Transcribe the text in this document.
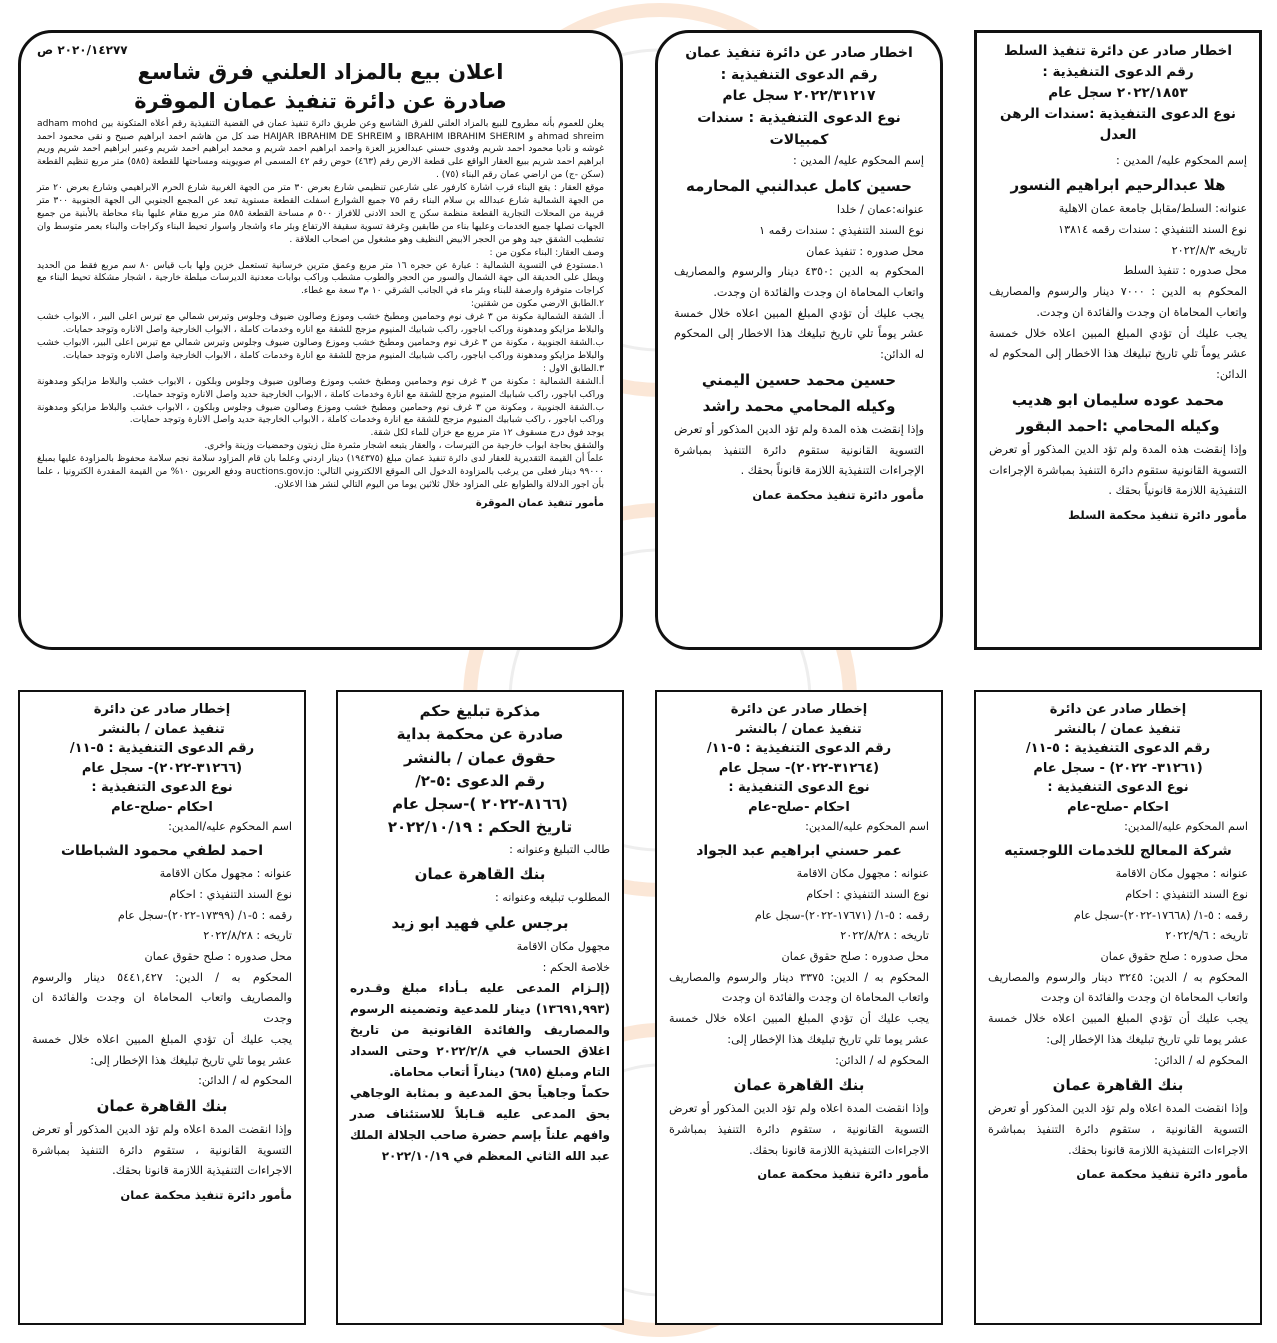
اخطار صادر عن دائرة تنفيذ السلط
رقم الدعوى التنفيذية :
٢٠٢٢/١٨٥٣ سجل عام
نوع الدعوى التنفيذية :سندات الرهن العدل

إسم المحكوم عليه/ المدين :

هلا عبدالرحيم ابراهيم النسور

عنوانه: السلط/مقابل جامعة عمان الاهلية

نوع السند التنفيذي : سندات رقمه ١٣٨١٤

تاريخه ٢٠٢٢/٨/٣

محل صدوره : تنفيذ السلط

المحكوم به الدين : ٧٠٠٠ دينار والرسوم والمصاريف واتعاب المحاماة ان وجدت والفائدة ان وجدت.

يجب عليك أن تؤدي المبلغ المبين اعلاه خلال خمسة عشر يوماً تلي تاريخ تبليغك هذا الاخطار إلى المحكوم له الدائن:

محمد عوده سليمان ابو هديب

وكيله المحامي :احمد البقور

وإذا إنقضت هذه المدة ولم تؤد الدين المذكور أو تعرض التسوية القانونية ستقوم دائرة التنفيذ بمباشرة الإجراءات التنفيذية اللازمة قانونياً بحقك .

مأمور دائرة تنفيذ محكمة السلط

اخطار صادر عن دائرة تنفيذ عمان
رقم الدعوى التنفيذية :
٢٠٢٢/٣١٢١٧ سجل عام
نوع الدعوى التنفيذية : سندات كمبيالات

إسم المحكوم عليه/ المدين :

حسين كامل عبدالنبي المحارمه

عنوانه:عمان / خلدا

نوع السند التنفيذي : سندات رقمه ١

محل صدوره : تنفيذ عمان

المحكوم به الدين :٤٣٥٠ دينار والرسوم والمصاريف واتعاب المحاماة ان وجدت والفائدة ان وجدت.

يجب عليك أن تؤدي المبلغ المبين اعلاه خلال خمسة عشر يوماً تلي تاريخ تبليغك هذا الاخطار إلى المحكوم له الدائن:

حسين محمد حسين اليمني

وكيله المحامي محمد راشد

وإذا إنقضت هذه المدة ولم تؤد الدين المذكور أو تعرض التسوية القانونية ستقوم دائرة التنفيذ بمباشرة الإجراءات التنفيذية اللازمة قانوناً بحقك .

مأمور دائرة تنفيذ محكمة عمان

٢٠٢٠/١٤٢٧٧ ص
اعلان بيع بالمزاد العلني فرق شاسع
صادرة عن دائرة تنفيذ عمان الموقرة

يعلن للعموم بأنه مطروح للبيع بالمزاد العلني للفرق الشاسع وعن طريق دائرة تنفيذ عمان في القضية التنفيذية رقم أعلاه المتكونة بين adham mohd ahmad shreim و IBRAHIM IBRAHIM SHERIM و HAIJAR IBRAHIM DE SHREIM ضد كل من هاشم احمد ابراهيم صبيح و نقى محمود احمد غوشه و ناديا محمود احمد شريم وفدوى حسني عبدالعزيز العزة واحمد ابراهيم احمد شريم و محمد ابراهيم احمد شريم وعبير ابراهيم احمد شريم وريم ابراهيم احمد شريم ببيع العقار الواقع على قطعة الارض رقم (٤٦٣) حوض رقم ٤٢ المسمى ام صويوينه ومساحتها للقطعة (٥٨٥) متر مربع تنظيم القطعة (سكن -ج) من اراضي عمان رقم البناء (٧٥) .

موقع العقار : يقع البناء قرب اشارة كارفور على شارعين تنظيمي شارع بعرض ٣٠ متر من الجهة الغربية شارع الحرم الابراهيمي وشارع بعرض ٢٠ متر من الجهة الشمالية شارع عبدالله بن سلام البناء رقم ٧٥ جميع الشوارع اسفلت القطعة مستوية تبعد عن المجمع الجنوبي الى الجهة الجنوبية ٣٠٠ متر قريبة من المحلات التجارية القطعة منظمة سكن ج الحد الادنى للافراز ٥٠٠ م مساحة القطعة ٥٨٥ متر مربع مقام عليها بناء محاطة بالأبنية من جميع الجهات تصلها جميع الخدمات وعليها بناء من طابقين وغرفة تسوية سقيفة الارتفاع وبئر ماء واشجار واسوار تحيط البناء وكراجات والبناء بعمر متوسط وان تشطيب الشقق جيد وهو من الحجر الابيض النظيف وهو مشغول من اصحاب العلاقة .

وصف العقار: البناء مكون من :

١.مستودع في التسوية الشمالية : عبارة عن حجره ١٦ متر مربع وعمق مترين خرسانية تستعمل خزين ولها باب قياس ٨٠ سم مربع فقط من الحديد ويطل على الحديقة الى جهة الشمال والسور من الحجر والطوب مشطب وراكب بوابات معدنية الديرسات مبلطة خارجية ، اشجار مشكلة تحيط البناء مع كراجات متوفرة وارصفة للبناء وبئر ماء في الجانب الشرقي ١٠ م٣ سعة مع غطاء.

٢.الطابق الارضي مكون من شقتين:

أ. الشقة الشمالية مكونة من ٣ غرف نوم وحمامين ومطبخ خشب وموزع وصالون ضيوف وجلوس وتيرس شمالي مع تيرس اعلى البير ، الابواب خشب والبلاط مزايكو ومدهونة وراكب اباجور، راكب شبابيك المنيوم مزجج للشقة مع اناره وخدمات كاملة ، الابواب الخارجية واصل الاناره وتوجد حمايات.

ب.الشقة الجنوبية ، مكونة من ٣ غرف نوم وحمامين ومطبخ خشب وموزع وصالون ضيوف وجلوس وتيرس شمالي مع تيرس اعلى البير، الابواب خشب والبلاط مزايكو ومدهونة وراكب اباجور، راكب شبابيك المنيوم مزجج للشقة مع انارة وخدمات كاملة ، الابواب الخارجية واصل الاناره وتوجد حمايات.

٣.الطابق الاول :

أ.الشقة الشمالية : مكونة من ٣ غرف نوم وحمامين ومطبخ خشب وموزع وصالون ضيوف وجلوس وبلكون ، الابواب خشب والبلاط مزايكو ومدهونة وراكب اباجور، راكب شبابيك المنيوم مزجج للشقة مع انارة وخدمات كاملة ، الابواب الخارجية حديد واصل الاناره وتوجد حمايات.

ب.الشقة الجنوبية ، ومكونة من ٣ غرف نوم وحمامين ومطبخ خشب وموزع وصالون ضيوف وجلوس وبلكون ، الابواب خشب والبلاط مزايكو ومدهونة وراكب اباجور ، راكب شبابيك المنيوم مزجج للشقة مع انارة وخدمات كاملة ، الابواب الخارجية حديد واصل الانارة وتوجد حمايات.

يوجد فوق درج مسقوف ١٢ متر مربع مع خزان للماء لكل شقة.

والشقق بحاجة ابواب خارجية من التيرسات ، والعقار يتبعه اشجار مثمرة مثل زيتون وحمضيات وزينة واخرى.

علماً أن القيمة التقديرية للعقار لدى دائرة تنفيذ عمان مبلغ (١٩٤٣٧٥) دينار اردني وعلما بان قام المزاود سلامة نجم سلامة محفوظ بالمزاودة عليها بمبلغ ٩٩٠٠٠ دينار فعلى من يرغب بالمزاودة الدخول الى الموقع الالكتروني التالي: auctions.gov.jo ودفع العربون ١٠% من القيمة المقدرة الكترونيا ، علما بأن اجور الدلالة والطوابع على المزاود خلال ثلاثين يوما من اليوم التالي لنشر هذا الاعلان.

مأمور تنفيذ عمان الموقرة
إخطار صادر عن دائرة
تنفيذ عمان / بالنشر
رقم الدعوى التنفيذية : ٥-١١/
(٣١٢٦١- ٢٠٢٢) - سجل عام
نوع الدعوى التنفيذية :
احكام -صلح-عام

اسم المحكوم عليه/المدين:

شركة المعالج للخدمات اللوجستيه

عنوانه : مجهول مكان الاقامة

نوع السند التنفيذي : احكام

رقمه : ٥-١/ (١٧٦٦٨-٢٠٢٢)-سجل عام

تاريخه : ٢٠٢٢/٩/٦

محل صدوره : صلح حقوق عمان

المحكوم به / الدين: ٣٢٤٥ دينار والرسوم والمصاريف واتعاب المحاماة ان وجدت والفائدة ان وجدت

يجب عليك أن تؤدي المبلغ المبين اعلاه خلال خمسة عشر يوما تلي تاريخ تبليغك هذا الإخطار إلى:

المحكوم له / الدائن:

بنك القاهرة عمان

وإذا انقضت المدة اعلاه ولم تؤد الدين المذكور أو تعرض التسوية القانونية ، ستقوم دائرة التنفيذ بمباشرة الاجراءات التنفيذية اللازمة قانونا بحقك.

مأمور دائرة تنفيذ محكمة عمان

إخطار صادر عن دائرة
تنفيذ عمان / بالنشر
رقم الدعوى التنفيذية : ٥-١١/
(٣١٢٦٤-٢٠٢٢)- سجل عام
نوع الدعوى التنفيذية :
احكام -صلح-عام

اسم المحكوم عليه/المدين:

عمر حسني ابراهيم عبد الجواد

عنوانه : مجهول مكان الاقامة

نوع السند التنفيذي : احكام

رقمه : ٥-١/ (١٧٦٧١-٢٠٢٢)-سجل عام

تاريخه : ٢٠٢٢/٨/٢٨

محل صدوره : صلح حقوق عمان

المحكوم به / الدين: ٣٣٧٥ دينار والرسوم والمصاريف واتعاب المحاماة ان وجدت والفائدة ان وجدت

يجب عليك أن تؤدي المبلغ المبين اعلاه خلال خمسة عشر يوما تلي تاريخ تبليغك هذا الإخطار إلى:

المحكوم له / الدائن:

بنك القاهرة عمان

وإذا انقضت المدة اعلاه ولم تؤد الدين المذكور أو تعرض التسوية القانونية ، ستقوم دائرة التنفيذ بمباشرة الاجراءات التنفيذية اللازمة قانونا بحقك.

مأمور دائرة تنفيذ محكمة عمان

مذكرة تبليغ حكم
صادرة عن محكمة بداية
حقوق عمان / بالنشر
رقم الدعوى :٥-٢/
(٨١٦٦-٢٠٢٢ )-سجل عام
تاريخ الحكم : ٢٠٢٢/١٠/١٩

طالب التبليغ وعنوانه :

بنك القاهرة عمان

المطلوب تبليغه وعنوانه :

برجس علي فهيد ابو زيد

مجهول مكان الاقامة

خلاصة الحكم :

(إلـزام المدعى عليه بـأداء مبلغ وقـدره (١٣٦٩١,٩٩٣) دينار للمدعية وتضمينه الرسوم والمصاريف والفائدة القانونية من تاريخ اغلاق الحساب في ٢٠٢٢/٢/٨ وحتى السداد التام ومبلغ (٦٨٥) ديناراً أتعاب محاماة.

حكماً وجاهياً بحق المدعية و بمثابة الوجاهي بحق المدعى عليه قـابلاً للاستئناف صدر وافهم علناً بإسم حضرة صاحب الجلالة الملك عبد الله الثاني المعظم في ٢٠٢٢/١٠/١٩

إخطار صادر عن دائرة
تنفيذ عمان / بالنشر
رقم الدعوى التنفيذية : ٥-١١/
(٣١٢٦٦-٢٠٢٢)- سجل عام
نوع الدعوى التنفيذية :
احكام -صلح-عام

اسم المحكوم عليه/المدين:

احمد لطفي محمود الشباطات

عنوانه : مجهول مكان الاقامة

نوع السند التنفيذي : احكام

رقمه : ٥-١/ (١٧٣٩٩-٢٠٢٢)-سجل عام

تاريخه : ٢٠٢٢/٨/٢٨

محل صدوره : صلح حقوق عمان

المحكوم به / الدين: ٥٤٤١,٤٢٧ دينار والرسوم والمصاريف واتعاب المحاماة ان وجدت والفائدة ان وجدت

يجب عليك أن تؤدي المبلغ المبين اعلاه خلال خمسة عشر يوما تلي تاريخ تبليغك هذا الإخطار إلى:

المحكوم له / الدائن:

بنك القاهرة عمان

وإذا انقضت المدة اعلاه ولم تؤد الدين المذكور أو تعرض التسوية القانونية ، ستقوم دائرة التنفيذ بمباشرة الاجراءات التنفيذية اللازمة قانونا بحقك.

مأمور دائرة تنفيذ محكمة عمان
